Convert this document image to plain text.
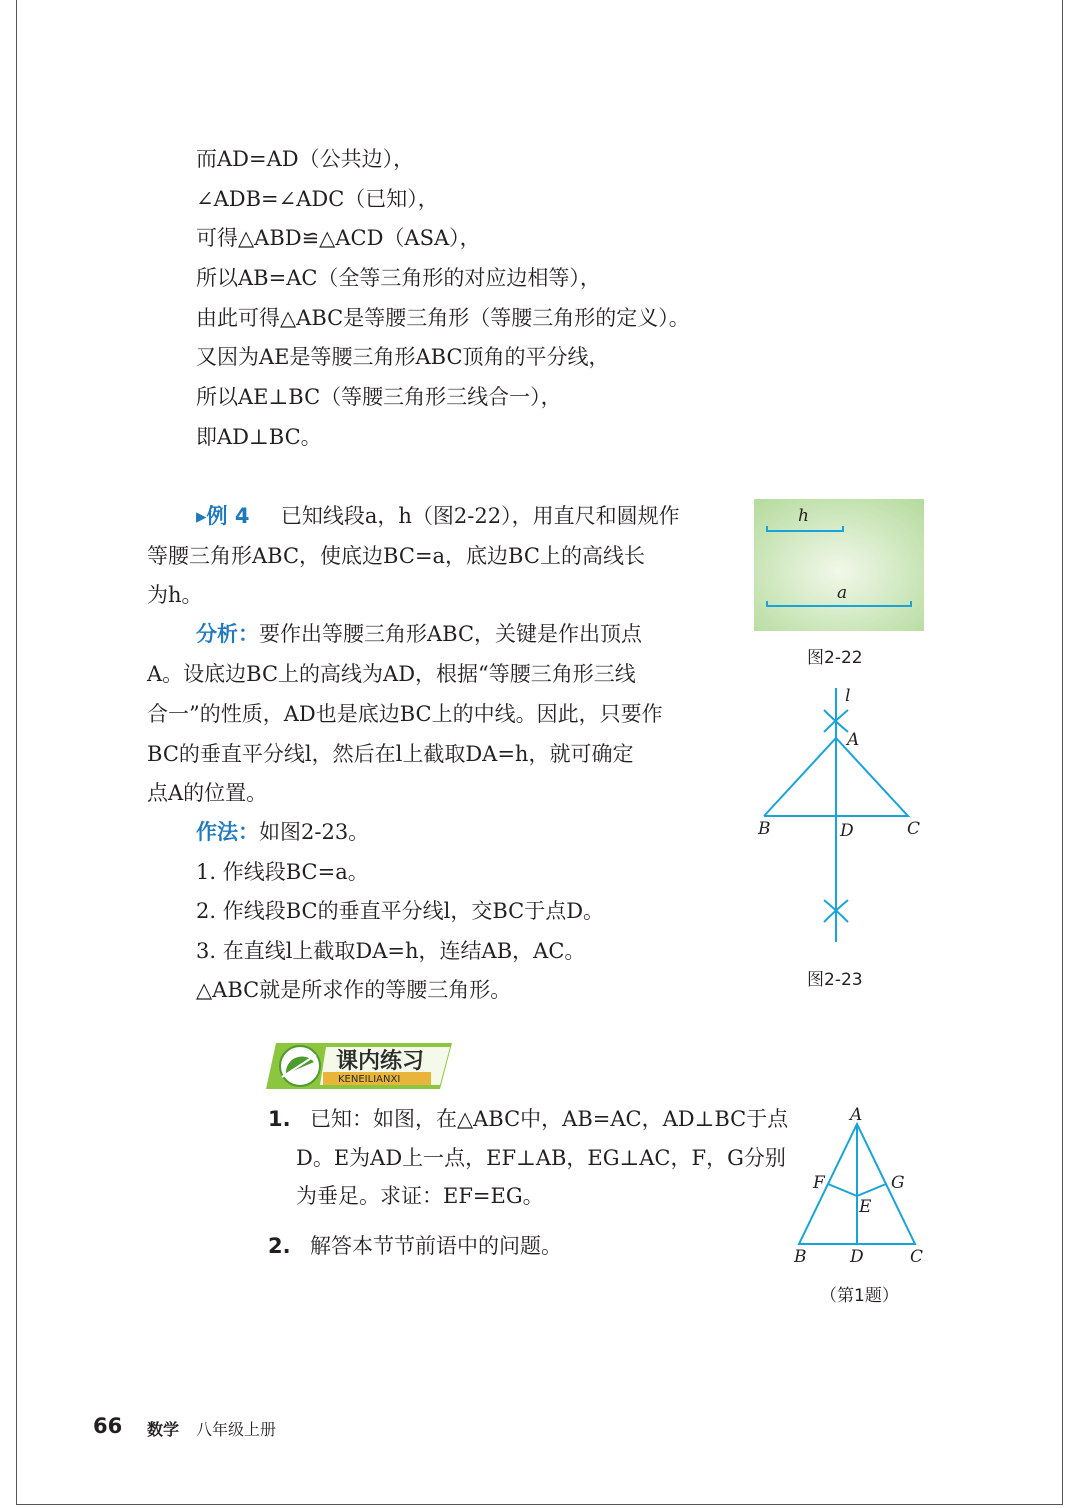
而AD=AD（公共边），
∠ADB=∠ADC（已知），
可得△ABD≌△ACD（ASA），
所以AB=AC（全等三角形的对应边相等），
由此可得△ABC是等腰三角形（等腰三角形的定义）。
又因为AE是等腰三角形ABC顶角的平分线，
所以AE⊥BC（等腰三角形三线合一），
即AD⊥BC。
▸例 4 已知线段a，h（图2-22），用直尺和圆规作
等腰三角形ABC，使底边BC=a，底边BC上的高线长
为h。
分析：要作出等腰三角形ABC，关键是作出顶点
A。设底边BC上的高线为AD，根据“等腰三角形三线
合一”的性质，AD也是底边BC上的中线。因此，只要作
BC的垂直平分线l，然后在l上截取DA=h，就可确定
点A的位置。
作法：如图2-23。
1. 作线段BC=a。
2. 作线段BC的垂直平分线l，交BC于点D。
3. 在直线l上截取DA=h，连结AB，AC。
△ABC就是所求作的等腰三角形。
h
a
图2-22
l
A
B	D	C
图2-23
课内练习
KENEILIANXI
1. 已知：如图，在△ABC中，AB=AC，AD⊥BC于点
D。E为AD上一点，EF⊥AB，EG⊥AC，F，G分别
为垂足。求证：EF=EG。
2. 解答本节节前语中的问题。
A
F	G
E
B	D	C
（第1题）
66 数学 八年级上册
